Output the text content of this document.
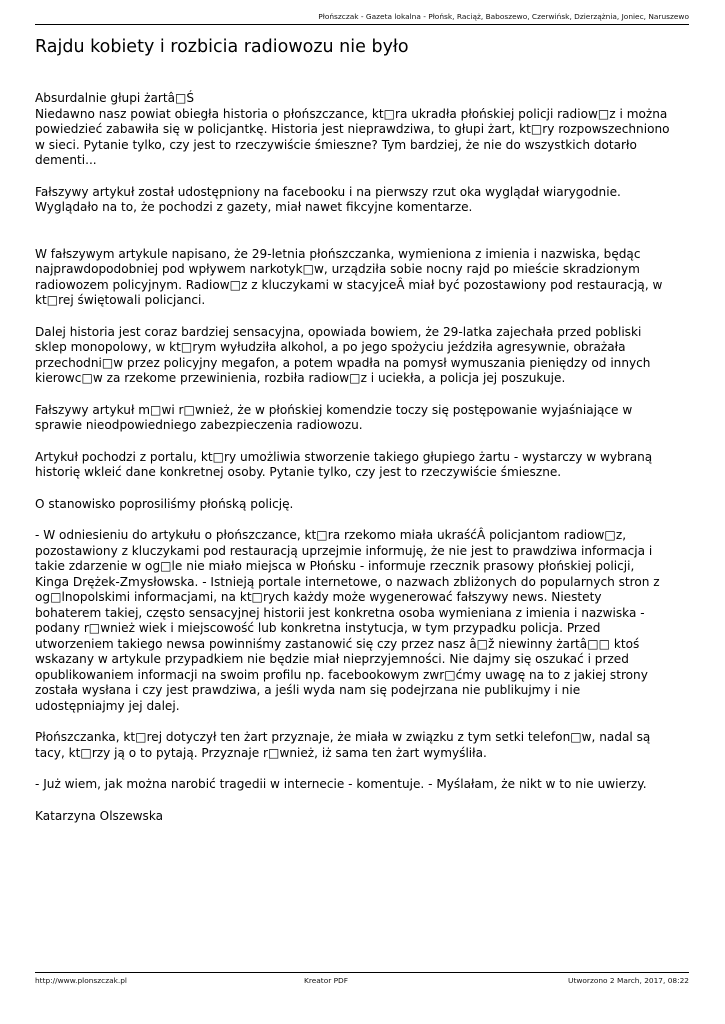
Płońszczak - Gazeta lokalna - Płońsk, Raciąż, Baboszewo, Czerwińsk, Dzierzążnia, Joniec, Naruszewo
Rajdu kobiety i rozbicia radiowozu nie było

Absurdalnie głupi żartâ□Ś

Niedawno nasz powiat obiegła historia o płońszczance, kt□ra ukradła płońskiej policji radiow□z i można

powiedzieć zabawiła się w policjantkę. Historia jest nieprawdziwa, to głupi żart, kt□ry rozpowszechniono

w sieci. Pytanie tylko, czy jest to rzeczywiście śmieszne? Tym bardziej, że nie do wszystkich dotarło

dementi...

Fałszywy artykuł został udostępniony na facebooku i na pierwszy rzut oka wyglądał wiarygodnie.

Wyglądało na to, że pochodzi z gazety, miał nawet fikcyjne komentarze.

W fałszywym artykule napisano, że 29-letnia płońszczanka, wymieniona z imienia i nazwiska, będąc

najprawdopodobniej pod wpływem narkotyk□w, urządziła sobie nocny rajd po mieście skradzionym

radiowozem policyjnym. Radiow□z z kluczykami w stacyjceÂ miał być pozostawiony pod restauracją, w

kt□rej świętowali policjanci.

Dalej historia jest coraz bardziej sensacyjna, opowiada bowiem, że 29-latka zajechała przed pobliski

sklep monopolowy, w kt□rym wyłudziła alkohol, a po jego spożyciu jeździła agresywnie, obrażała

przechodni□w przez policyjny megafon, a potem wpadła na pomysł wymuszania pieniędzy od innych

kierowc□w za rzekome przewinienia, rozbiła radiow□z i uciekła, a policja jej poszukuje.

Fałszywy artykuł m□wi r□wnież, że w płońskiej komendzie toczy się postępowanie wyjaśniające w

sprawie nieodpowiedniego zabezpieczenia radiowozu.

Artykuł pochodzi z portalu, kt□ry umożliwia stworzenie takiego głupiego żartu - wystarczy w wybraną

historię wkleić dane konkretnej osoby. Pytanie tylko, czy jest to rzeczywiście śmieszne.

O stanowisko poprosiliśmy płońską policję.

- W odniesieniu do artykułu o płońszczance, kt□ra rzekomo miała ukraśćÂ policjantom radiow□z,

pozostawiony z kluczykami pod restauracją uprzejmie informuję, że nie jest to prawdziwa informacja i

takie zdarzenie w og□le nie miało miejsca w Płońsku - informuje rzecznik prasowy płońskiej policji,

Kinga Drężek-Zmysłowska. - Istnieją portale internetowe, o nazwach zbliżonych do popularnych stron z

og□lnopolskimi informacjami, na kt□rych każdy może wygenerować fałszywy news. Niestety

bohaterem takiej, często sensacyjnej historii jest konkretna osoba wymieniana z imienia i nazwiska -

podany r□wnież wiek i miejscowość lub konkretna instytucja, w tym przypadku policja. Przed

utworzeniem takiego newsa powinniśmy zastanowić się czy przez nasz â□ž niewinny żartâ□□ ktoś

wskazany w artykule przypadkiem nie będzie miał nieprzyjemności. Nie dajmy się oszukać i przed

opublikowaniem informacji na swoim profilu np. facebookowym zwr□ćmy uwagę na to z jakiej strony

została wysłana i czy jest prawdziwa, a jeśli wyda nam się podejrzana nie publikujmy i nie

udostępniajmy jej dalej.

Płońszczanka, kt□rej dotyczył ten żart przyznaje, że miała w związku z tym setki telefon□w, nadal są

tacy, kt□rzy ją o to pytają. Przyznaje r□wnież, iż sama ten żart wymyśliła.

- Już wiem, jak można narobić tragedii w internecie - komentuje. - Myślałam, że nikt w to nie uwierzy.

Katarzyna Olszewska

http://www.plonszczak.pl	Kreator PDF	Utworzono 2 March, 2017, 08:22
